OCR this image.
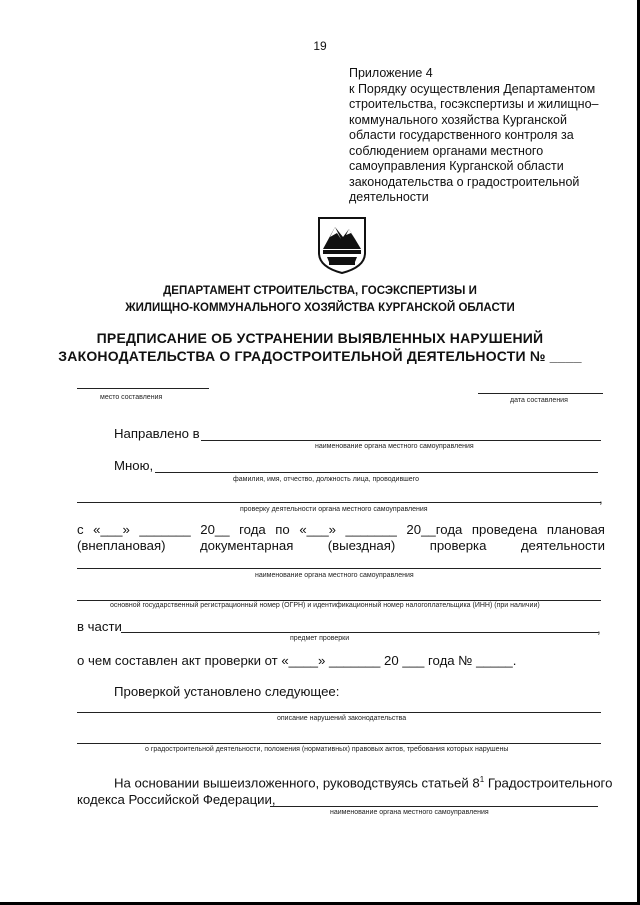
19
Приложение 4
к Порядку осуществления Департаментом
строительства, госэкспертизы и жилищно–
коммунального хозяйства Курганской
области государственного контроля за
соблюдением органами местного
самоуправления Курганской области
законодательства о градостроительной
деятельности
ДЕПАРТАМЕНТ СТРОИТЕЛЬСТВА, ГОСЭКСПЕРТИЗЫ И
ЖИЛИЩНО-КОММУНАЛЬНОГО ХОЗЯЙСТВА КУРГАНСКОЙ ОБЛАСТИ
ПРЕДПИСАНИЕ ОБ УСТРАНЕНИИ ВЫЯВЛЕННЫХ НАРУШЕНИЙ
ЗАКОНОДАТЕЛЬСТВА О ГРАДОСТРОИТЕЛЬНОЙ ДЕЯТЕЛЬНОСТИ № ____
место составления	дата составления
Направлено в
наименование органа местного самоуправления
Мною,
фамилия, имя, отчество, должность лица, проводившего
,
проверку деятельности органа местного самоуправления
с «___» _______ 20__ года по «___» _______ 20__года проведена плановая
(внеплановая)	документарная	(выездная)	проверка	деятельности
наименование органа местного самоуправления
основной государственный регистрационный номер (ОГРН) и идентификационный номер налогоплательщика (ИНН) (при наличии)
в части	,
предмет проверки
о чем составлен акт проверки от «____» _______ 20 ___ года № _____.
Проверкой установлено следующее:
описание нарушений законодательства
о градостроительной деятельности, положения (нормативных) правовых актов, требования которых нарушены
На основании вышеизложенного, руководствуясь статьей $8^1$ Градостроительного
кодекса Российской Федерации,
наименование органа местного самоуправления
